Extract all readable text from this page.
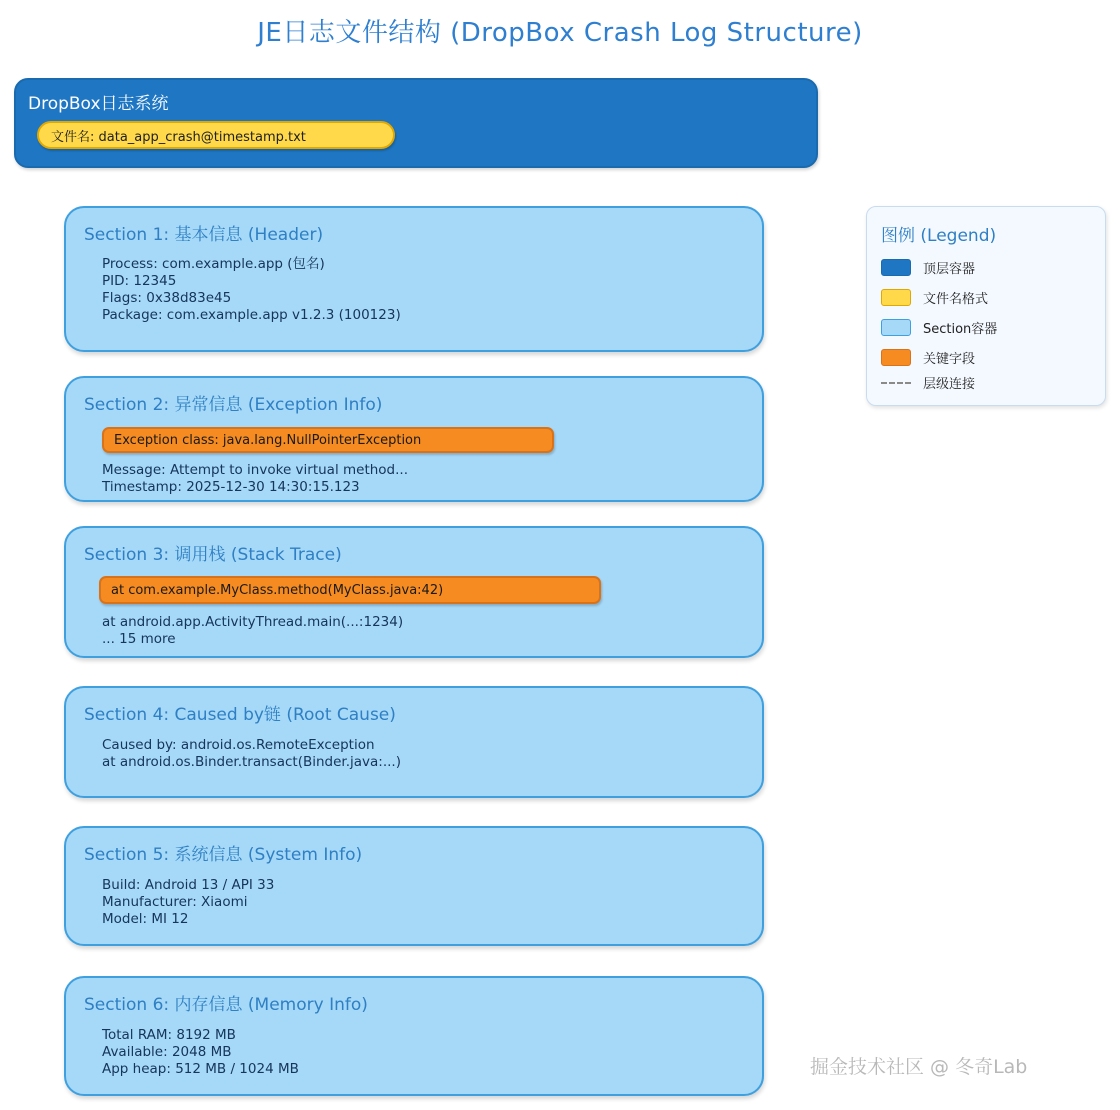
JE日志文件结构 (DropBox Crash Log Structure)
DropBox日志系统
文件名: data_app_crash@timestamp.txt
Section 1: 基本信息 (Header)
Process: com.example.app (包名)
PID: 12345
Flags: 0x38d83e45
Package: com.example.app v1.2.3 (100123)
Section 2: 异常信息 (Exception Info)
Exception class: java.lang.NullPointerException
Message: Attempt to invoke virtual method...
Timestamp: 2025-12-30 14:30:15.123
Section 3: 调用栈 (Stack Trace)
at com.example.MyClass.method(MyClass.java:42)
at android.app.ActivityThread.main(...:1234)
... 15 more
Section 4: Caused by链 (Root Cause)
Caused by: android.os.RemoteException
at android.os.Binder.transact(Binder.java:...)
Section 5: 系统信息 (System Info)
Build: Android 13 / API 33
Manufacturer: Xiaomi
Model: MI 12
Section 6: 内存信息 (Memory Info)
Total RAM: 8192 MB
Available: 2048 MB
App heap: 512 MB / 1024 MB
图例 (Legend)
顶层容器
文件名格式
Section容器
关键字段
层级连接
掘金技术社区 @ 冬奇Lab
